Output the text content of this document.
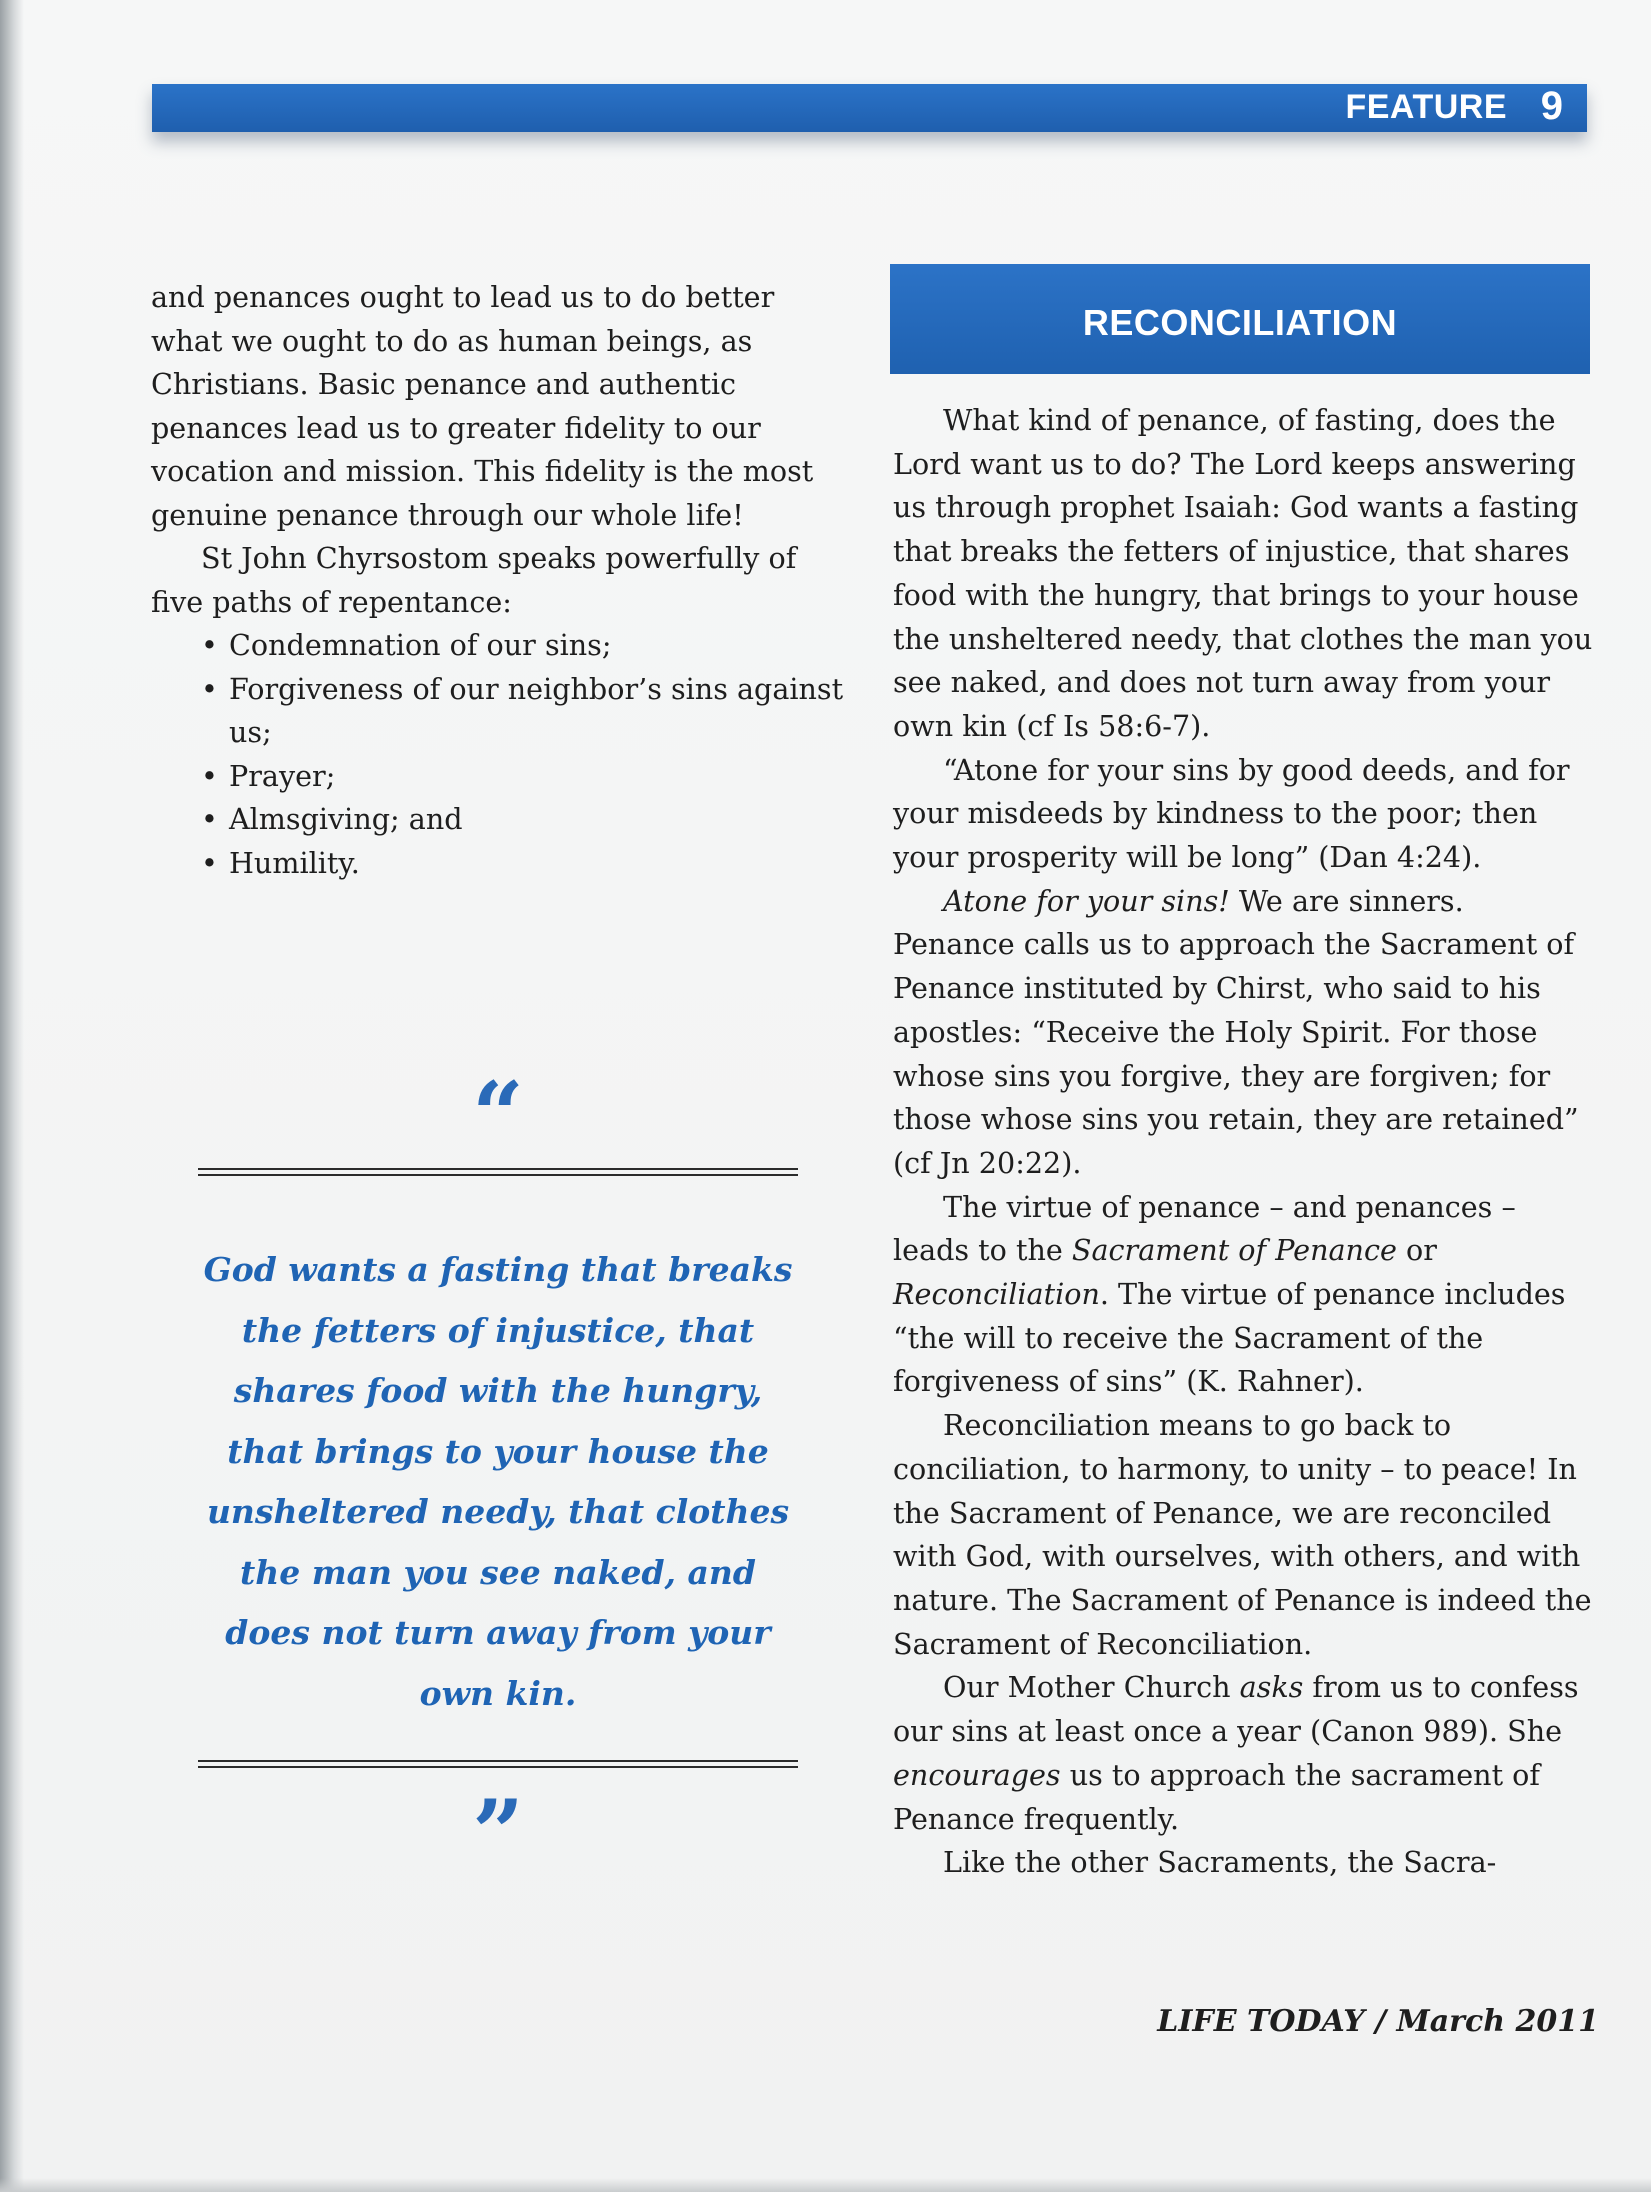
FEATURE 9

and penances ought to lead us to do better what we ought to do as human beings, as Christians. Basic penance and authentic penances lead us to greater fidelity to our vocation and mission. This fidelity is the most genuine penance through our whole life!

St John Chyrsostom speaks powerfully of five paths of repentance:

• Condemnation of our sins;
• Forgiveness of our neighbor’s sins against us;
• Prayer;
• Almsgiving; and
• Humility.
“
God wants a fasting that breaks the fetters of injustice, that shares food with the hungry, that brings to your house the unsheltered needy, that clothes the man you see naked, and does not turn away from your own kin.
”
RECONCILIATION

What kind of penance, of fasting, does the Lord want us to do? The Lord keeps answering us through prophet Isaiah: God wants a fasting that breaks the fetters of injustice, that shares food with the hungry, that brings to your house the unsheltered needy, that clothes the man you see naked, and does not turn away from your own kin (cf Is 58:6-7).

“Atone for your sins by good deeds, and for your misdeeds by kindness to the poor; then your prosperity will be long” (Dan 4:24).

Atone for your sins! We are sinners. Penance calls us to approach the Sacrament of Penance instituted by Chirst, who said to his apostles: “Receive the Holy Spirit. For those whose sins you forgive, they are forgiven; for those whose sins you retain, they are retained” (cf Jn 20:22).

The virtue of penance – and penances – leads to the Sacrament of Penance or Reconciliation. The virtue of penance includes “the will to receive the Sacrament of the forgiveness of sins” (K. Rahner).

Reconciliation means to go back to conciliation, to harmony, to unity – to peace! In the Sacrament of Penance, we are reconciled with God, with ourselves, with others, and with nature. The Sacrament of Penance is indeed the Sacrament of Reconciliation.

Our Mother Church asks from us to confess our sins at least once a year (Canon 989). She encourages us to approach the sacrament of Penance frequently.

Like the other Sacraments, the Sacra-

LIFE TODAY / March 2011
